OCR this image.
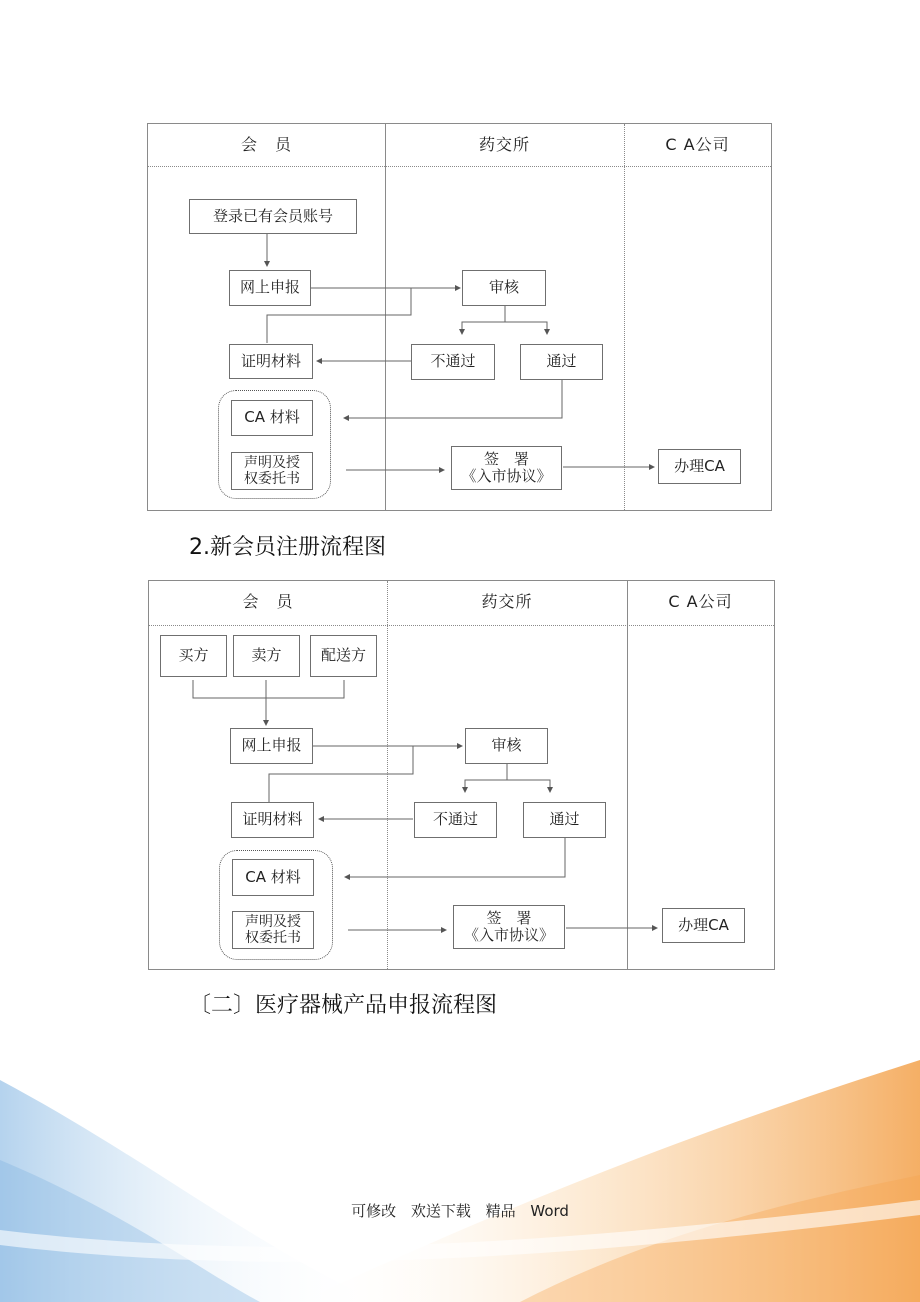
会　员	药交所	C A公司
登录已有会员账号
网上申报	审核
证明材料	不通过	通过
CA 材料
声明及授
权委托书
签　署
《入市协议》
办理CA
2.新会员注册流程图
会　员	药交所	C A公司
买方	卖方	配送方
网上申报	审核
证明材料	不通过	通过
CA 材料
声明及授
权委托书
签　署
《入市协议》
办理CA
〔二〕医疗器械产品申报流程图
可修改 欢送下载 精品 Word
